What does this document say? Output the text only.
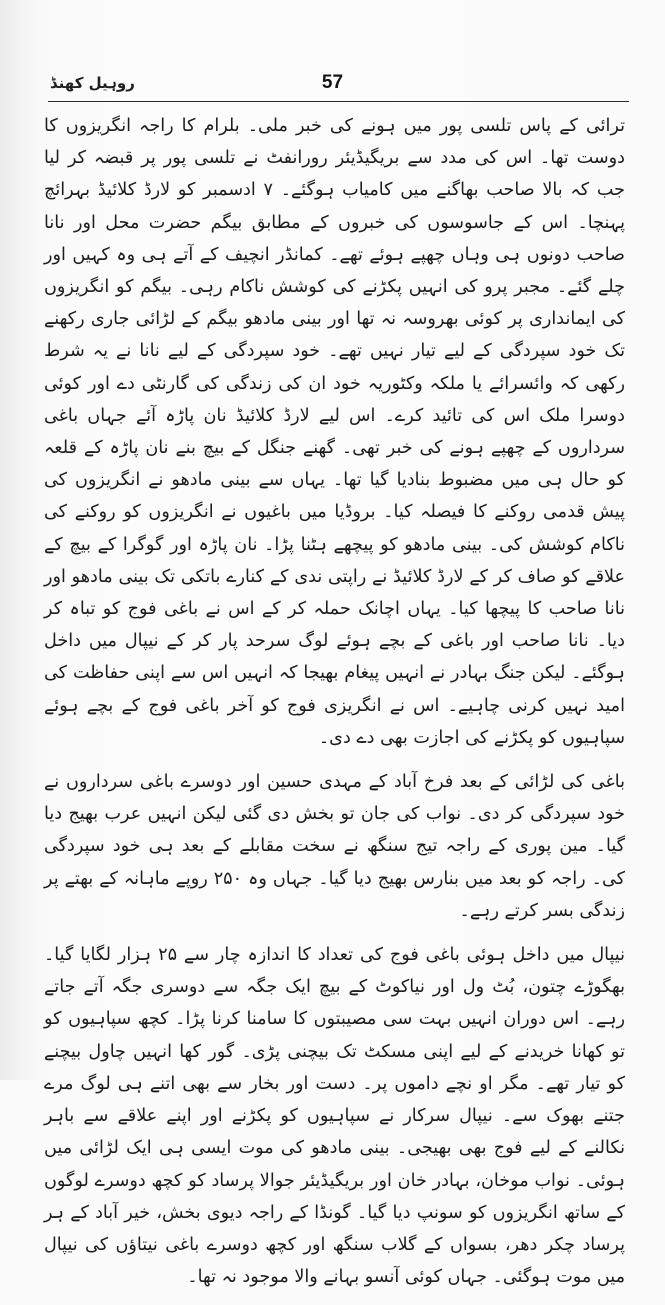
57
روہیل کھنڈ

ترائی کے پاس تلسی پور میں ہونے کی خبر ملی۔ بلرام کا راجہ انگریزوں کا دوست تھا۔ اس کی مدد سے بریگیڈیئر رورانفٹ نے تلسی پور پر قبضہ کر لیا جب کہ بالا صاحب بھاگنے میں کامیاب ہوگئے۔ ۷ ادسمبر کو لارڈ کلائیڈ بہرائچ پہنچا۔ اس کے جاسوسوں کی خبروں کے مطابق بیگم حضرت محل اور نانا صاحب دونوں ہی وہاں چھپے ہوئے تھے۔ کمانڈر انچیف کے آتے ہی وہ کہیں اور چلے گئے۔ مجبر پرو کی انہیں پکڑنے کی کوشش ناکام رہی۔ بیگم کو انگریزوں کی ایمانداری پر کوئی بھروسہ نہ تھا اور بینی مادھو بیگم کے لڑائی جاری رکھنے تک خود سپردگی کے لیے تیار نہیں تھے۔ خود سپردگی کے لیے نانا نے یہ شرط رکھی کہ وائسرائے یا ملکہ وکٹوریہ خود ان کی زندگی کی گارنٹی دے اور کوئی دوسرا ملک اس کی تائید کرے۔ اس لیے لارڈ کلائیڈ نان پاڑہ آئے جہاں باغی سرداروں کے چھپے ہونے کی خبر تھی۔ گھنے جنگل کے بیچ بنے نان پاڑہ کے قلعہ کو حال ہی میں مضبوط بنادیا گیا تھا۔ یہاں سے بینی مادھو نے انگریزوں کی پیش قدمی روکنے کا فیصلہ کیا۔ بروڈیا میں باغیوں نے انگریزوں کو روکنے کی ناکام کوشش کی۔ بینی مادھو کو پیچھے ہٹنا پڑا۔ نان پاڑہ اور گوگرا کے بیچ کے علاقے کو صاف کر کے لارڈ کلائیڈ نے راپتی ندی کے کنارے باتکی تک بینی مادھو اور نانا صاحب کا پیچھا کیا۔ یہاں اچانک حملہ کر کے اس نے باغی فوج کو تباہ کر دیا۔ نانا صاحب اور باغی کے بچے ہوئے لوگ سرحد پار کر کے نیپال میں داخل ہوگئے۔ لیکن جنگ بہادر نے انہیں پیغام بھیجا کہ انہیں اس سے اپنی حفاظت کی امید نہیں کرنی چاہیے۔ اس نے انگریزی فوج کو آخر باغی فوج کے بچے ہوئے سپاہیوں کو پکڑنے کی اجازت بھی دے دی۔

باغی کی لڑائی کے بعد فرخ آباد کے مہدی حسین اور دوسرے باغی سرداروں نے خود سپردگی کر دی۔ نواب کی جان تو بخش دی گئی لیکن انہیں عرب بھیج دیا گیا۔ مین پوری کے راجہ تیج سنگھ نے سخت مقابلے کے بعد ہی خود سپردگی کی۔ راجہ کو بعد میں بنارس بھیج دیا گیا۔ جہاں وہ ۲۵۰ روپے ماہانہ کے بھتے پر زندگی بسر کرتے رہے۔

نیپال میں داخل ہوئی باغی فوج کی تعداد کا اندازہ چار سے ۲۵ ہزار لگایا گیا۔ بھگوڑے چتون، بُٹ ول اور نیاکوٹ کے بیچ ایک جگہ سے دوسری جگہ آتے جاتے رہے۔ اس دوران انہیں بہت سی مصیبتوں کا سامنا کرنا پڑا۔ کچھ سپاہیوں کو تو کھانا خریدنے کے لیے اپنی مسکٹ تک بیچنی پڑی۔ گور کھا انہیں چاول بیچنے کو تیار تھے۔ مگر او نچے داموں پر۔ دست اور بخار سے بھی اتنے ہی لوگ مرے جتنے بھوک سے۔ نیپال سرکار نے سپاہیوں کو پکڑنے اور اپنے علاقے سے باہر نکالنے کے لیے فوج بھی بھیجی۔ بینی مادھو کی موت ایسی ہی ایک لڑائی میں ہوئی۔ نواب موخان، بہادر خان اور بریگیڈیئر جوالا پرساد کو کچھ دوسرے لوگوں کے ساتھ انگریزوں کو سونپ دیا گیا۔ گونڈا کے راجہ دیوی بخش، خیر آباد کے ہر پرساد چکر دھر، بسواں کے گلاب سنگھ اور کچھ دوسرے باغی نیتاؤں کی نیپال میں موت ہوگئی۔ جہاں کوئی آنسو بہانے والا موجود نہ تھا۔
